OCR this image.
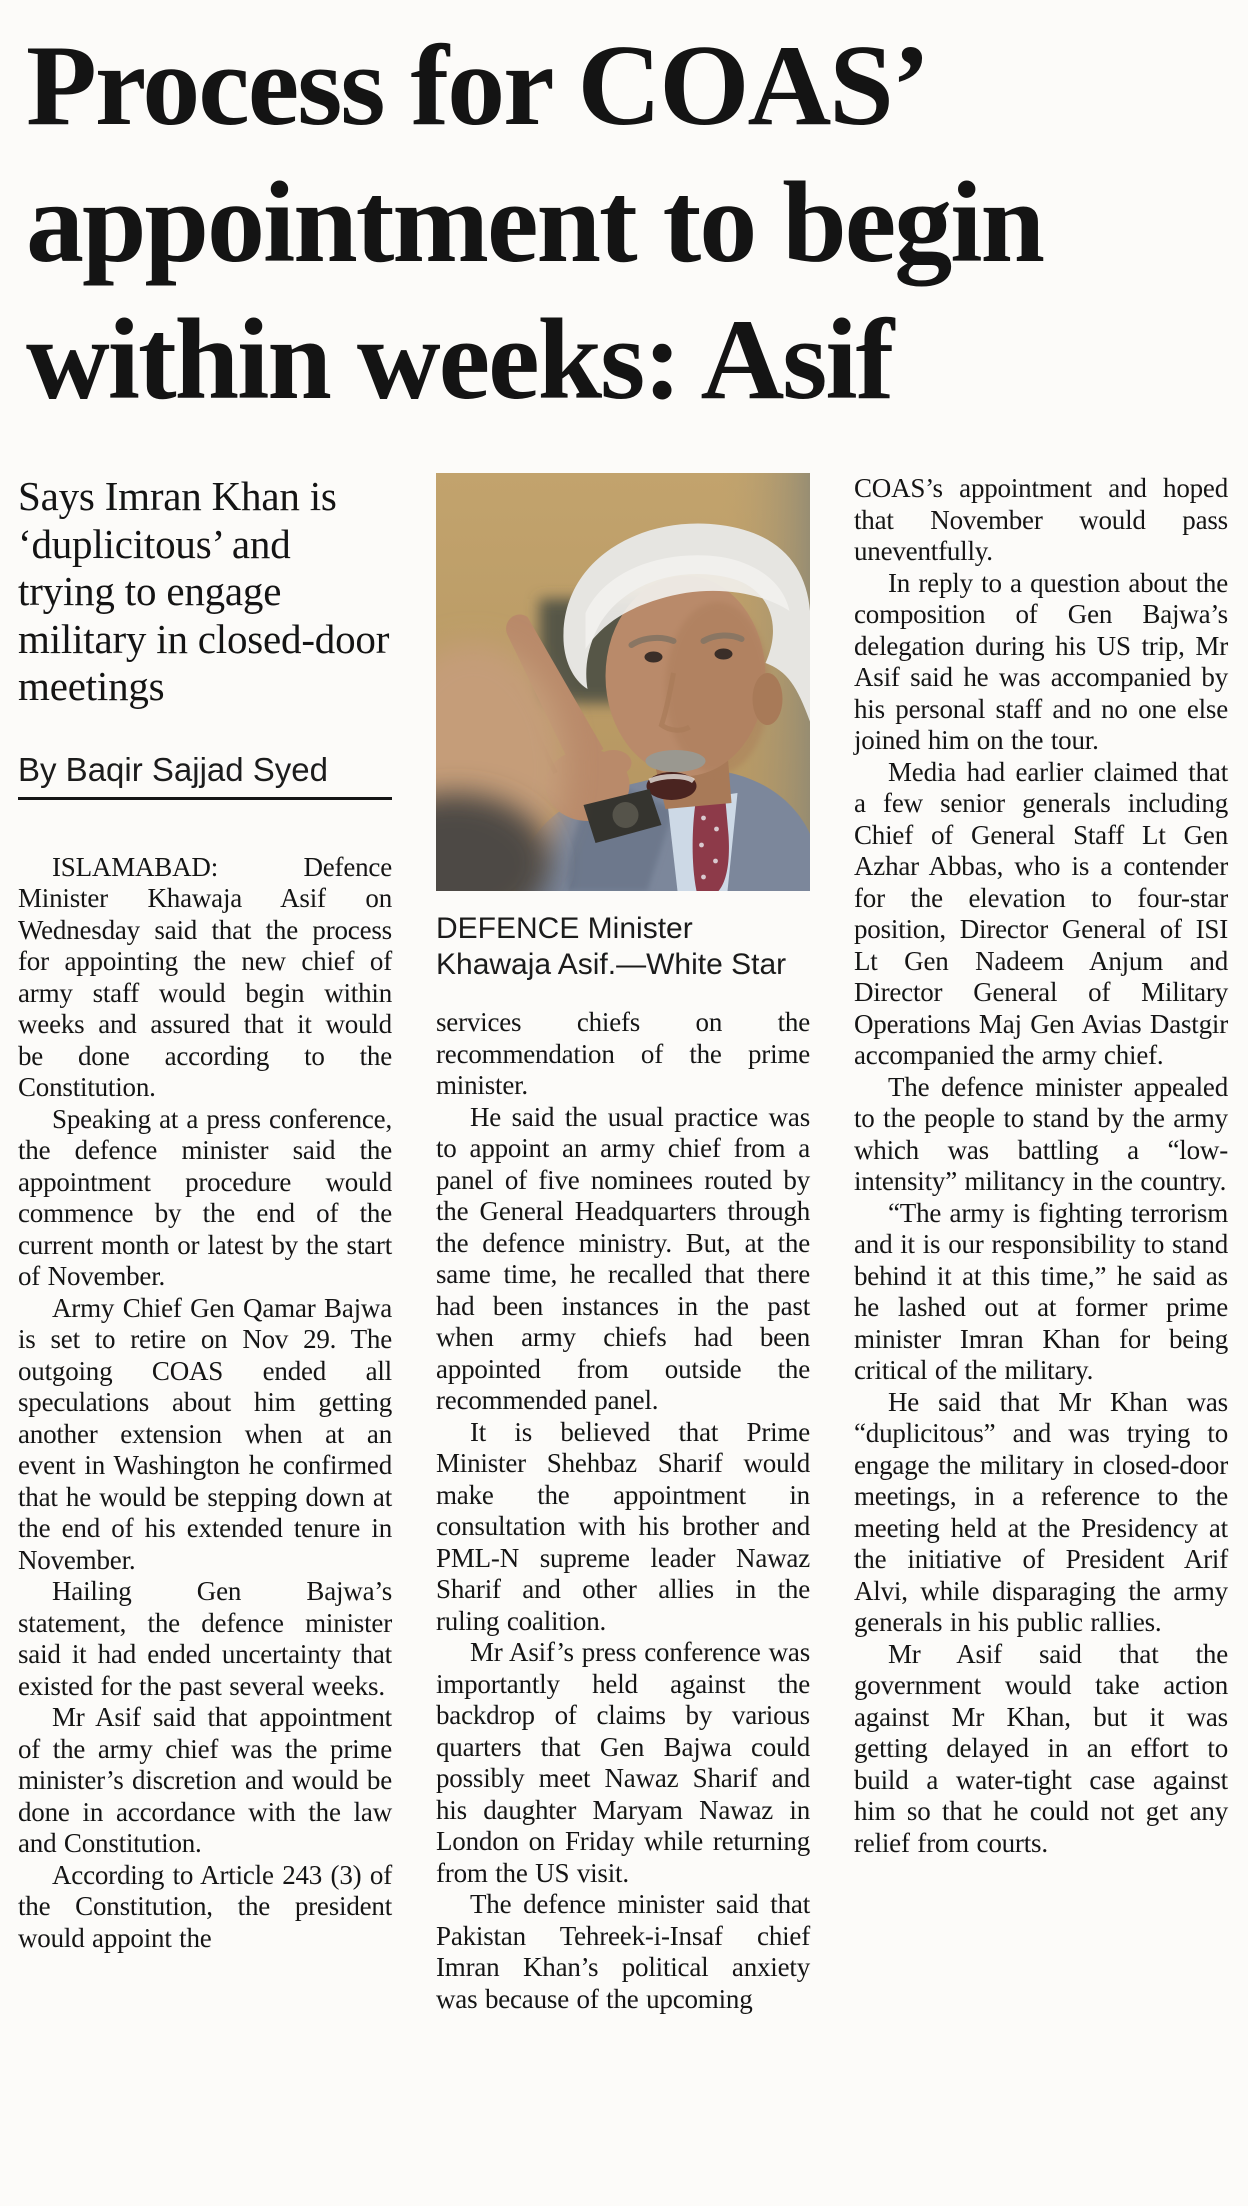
Process for COAS’ appointment to begin within weeks: Asif
Says Imran Khan is ‘duplicitous’ and trying to engage military in closed-door meetings
By Baqir Sajjad Syed

ISLAMABAD: Defence Minister Khawaja Asif on Wednesday said that the process for appointing the new chief of army staff would begin within weeks and assured that it would be done according to the Constitution.

Speaking at a press conference, the defence minister said the appointment procedure would commence by the end of the current month or latest by the start of November.

Army Chief Gen Qamar Bajwa is set to retire on Nov 29. The outgoing COAS ended all speculations about him getting another extension when at an event in Washington he confirmed that he would be stepping down at the end of his extended tenure in November.

Hailing Gen Bajwa’s statement, the defence minister said it had ended uncertainty that existed for the past several weeks.

Mr Asif said that appointment of the army chief was the prime minister’s discretion and would be done in accordance with the law and Constitution.

According to Article 243 (3) of the Constitution, the president would appoint the

DEFENCE Minister Khawaja Asif.—White Star

services chiefs on the recommendation of the prime minister.

He said the usual practice was to appoint an army chief from a panel of five nominees routed by the General Headquarters through the defence ministry. But, at the same time, he recalled that there had been instances in the past when army chiefs had been appointed from outside the recommended panel.

It is believed that Prime Minister Shehbaz Sharif would make the appointment in consultation with his brother and PML-N supreme leader Nawaz Sharif and other allies in the ruling coalition.

Mr Asif’s press conference was importantly held against the backdrop of claims by various quarters that Gen Bajwa could possibly meet Nawaz Sharif and his daughter Maryam Nawaz in London on Friday while returning from the US visit.

The defence minister said that Pakistan Tehreek-i-Insaf chief Imran Khan’s political anxiety was because of the upcoming

COAS’s appointment and hoped that November would pass uneventfully.

In reply to a question about the composition of Gen Bajwa’s delegation during his US trip, Mr Asif said he was accompanied by his personal staff and no one else joined him on the tour.

Media had earlier claimed that a few senior generals including Chief of General Staff Lt Gen Azhar Abbas, who is a contender for the elevation to four-star position, Director General of ISI Lt Gen Nadeem Anjum and Director General of Military Operations Maj Gen Avias Dastgir accompanied the army chief.

The defence minister appealed to the people to stand by the army which was battling a “low-intensity” militancy in the country.

“The army is fighting terrorism and it is our responsibility to stand behind it at this time,” he said as he lashed out at former prime minister Imran Khan for being critical of the military.

He said that Mr Khan was “duplicitous” and was trying to engage the military in closed-door meetings, in a reference to the meeting held at the Presidency at the initiative of President Arif Alvi, while disparaging the army generals in his public rallies.

Mr Asif said that the government would take action against Mr Khan, but it was getting delayed in an effort to build a water-tight case against him so that he could not get any relief from courts.
